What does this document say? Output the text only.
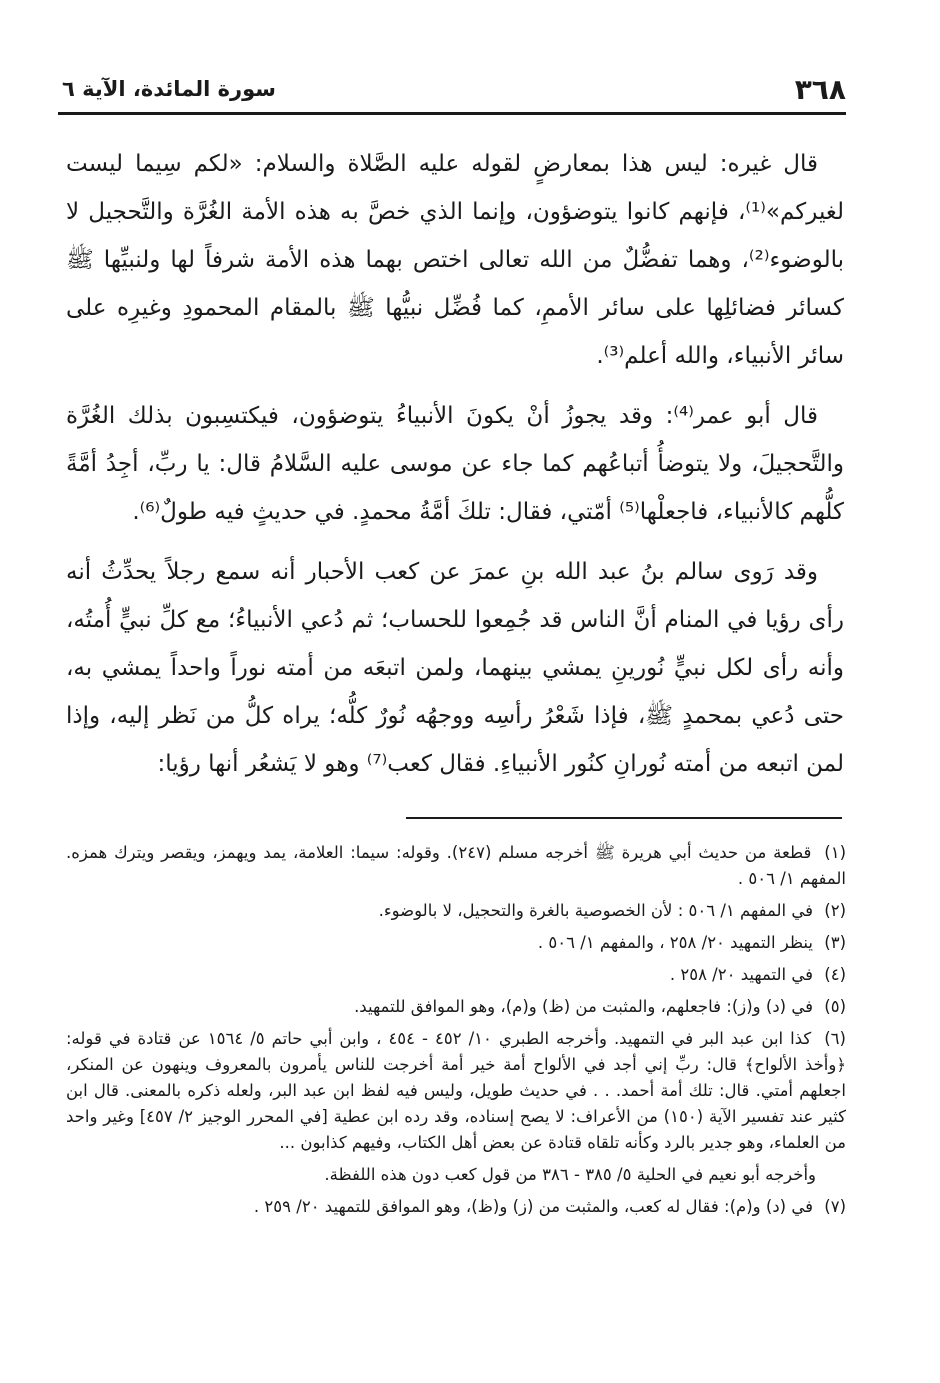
٣٦٨
سورة المائدة، الآية ٦

قال غيره: ليس هذا بمعارضٍ لقوله عليه الصَّلاة والسلام: «لكم سِيما ليست لغيركم»⁽¹⁾، فإنهم كانوا يتوضؤون، وإنما الذي خصَّ به هذه الأمة الغُرَّة والتَّحجيل لا بالوضوء⁽²⁾، وهما تفضُّلٌ من الله تعالى اختص بهما هذه الأمة شرفاً لها ولنبيِّها ﷺ كسائر فضائلِها على سائر الأممِ، كما فُضِّل نبيُّها ﷺ بالمقام المحمودِ وغيرِه على سائر الأنبياء، والله أعلم⁽³⁾.

قال أبو عمر⁽⁴⁾: وقد يجوزُ أنْ يكونَ الأنبياءُ يتوضؤون، فيكتسِبون بذلك الغُرَّة والتَّحجيلَ، ولا يتوضأُ أتباعُهم كما جاء عن موسى عليه السَّلامُ قال: يا ربِّ، أجِدُ أمَّةً كلُّهم كالأنبياء، فاجعلْها⁽⁵⁾ أمّتي، فقال: تلكَ أمَّةُ محمدٍ. في حديثٍ فيه طولٌ⁽⁶⁾.

وقد رَوى سالم بنُ عبد الله بنِ عمرَ عن كعب الأحبار أنه سمع رجلاً يحدِّثُ أنه رأى رؤيا في المنام أنَّ الناس قد جُمِعوا للحساب؛ ثم دُعي الأنبياءُ؛ مع كلِّ نبيٍّ أُمتُه، وأنه رأى لكل نبيٍّ نُورينِ يمشي بينهما، ولمن اتبعَه من أمته نوراً واحداً يمشي به، حتى دُعي بمحمدٍ ﷺ، فإذا شَعْرُ رأسِه ووجهُه نُورٌ كلُّه؛ يراه كلُّ من نَظر إليه، وإذا لمن اتبعه من أمته نُورانِ كنُور الأنبياءِ. فقال كعب⁽⁷⁾ وهو لا يَشعُر أنها رؤيا:

(١) قطعة من حديث أبي هريرة ﷺ أخرجه مسلم (٢٤٧). وقوله: سيما: العلامة، يمد ويهمز، ويقصر ويترك همزه. المفهم ١/ ٥٠٦ .
(٢) في المفهم ١/ ٥٠٦ : لأن الخصوصية بالغرة والتحجيل، لا بالوضوء.
(٣) ينظر التمهيد ٢٠/ ٢٥٨ ، والمفهم ١/ ٥٠٦ .
(٤) في التمهيد ٢٠/ ٢٥٨ .
(٥) في (د) و(ز): فاجعلهم، والمثبت من (ظ) و(م)، وهو الموافق للتمهيد.
(٦) كذا ابن عبد البر في التمهيد. وأخرجه الطبري ١٠/ ٤٥٢ - ٤٥٤ ، وابن أبي حاتم ٥/ ١٥٦٤ عن قتادة في قوله: ﴿وأخذ الألواح﴾ قال: ربِّ إني أجد في الألواح أمة خير أمة أخرجت للناس يأمرون بالمعروف وينهون عن المنكر، اجعلهم أمتي. قال: تلك أمة أحمد. . . في حديث طويل، وليس فيه لفظ ابن عبد البر، ولعله ذكره بالمعنى. قال ابن كثير عند تفسير الآية (١٥٠) من الأعراف: لا يصح إسناده، وقد رده ابن عطية [في المحرر الوجيز ٢/ ٤٥٧] وغير واحد من العلماء، وهو جدير بالرد وكأنه تلقاه قتادة عن بعض أهل الكتاب، وفيهم كذابون ...
وأخرجه أبو نعيم في الحلية ٥/ ٣٨٥ - ٣٨٦ من قول كعب دون هذه اللفظة.
(٧) في (د) و(م): فقال له كعب، والمثبت من (ز) و(ظ)، وهو الموافق للتمهيد ٢٠/ ٢٥٩ .
